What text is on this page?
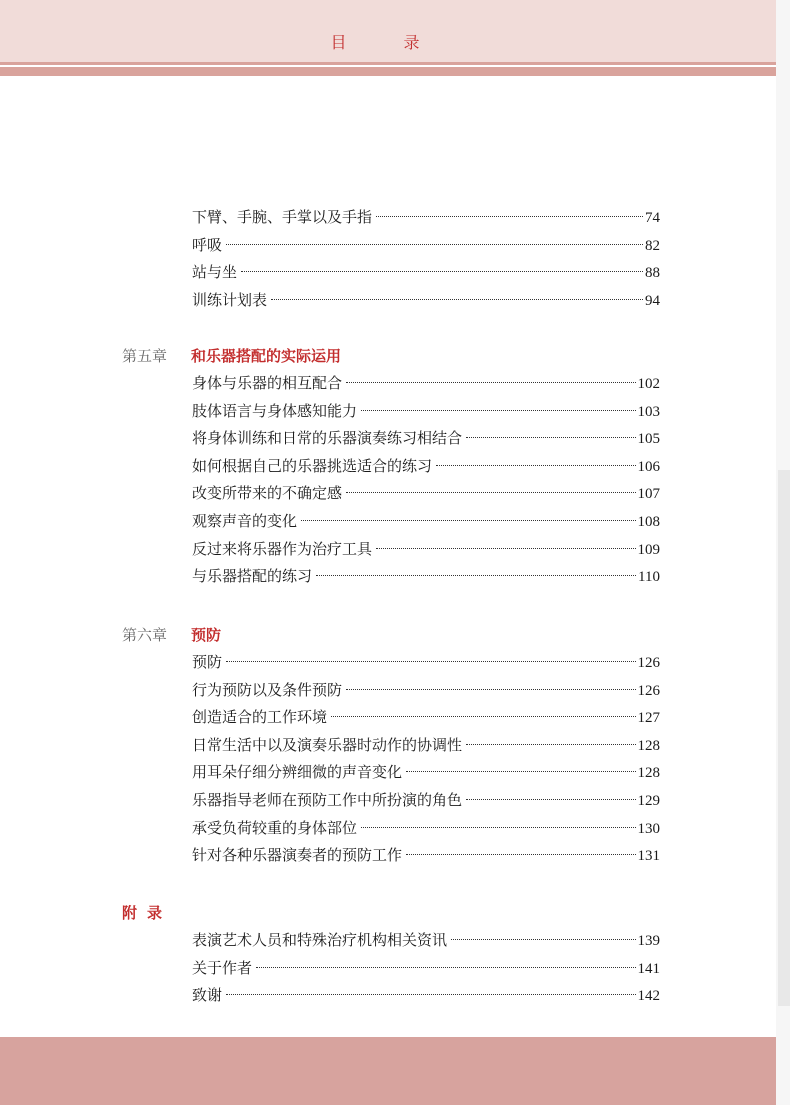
目 录
下臂、手腕、手掌以及手指	74
呼吸	82
站与坐	88
训练计划表	94
第五章 和乐器搭配的实际运用
身体与乐器的相互配合	102
肢体语言与身体感知能力	103
将身体训练和日常的乐器演奏练习相结合	105
如何根据自己的乐器挑选适合的练习	106
改变所带来的不确定感	107
观察声音的变化	108
反过来将乐器作为治疗工具	109
与乐器搭配的练习	110
第六章 预防
预防	126
行为预防以及条件预防	126
创造适合的工作环境	127
日常生活中以及演奏乐器时动作的协调性	128
用耳朵仔细分辨细微的声音变化	128
乐器指导老师在预防工作中所扮演的角色	129
承受负荷较重的身体部位	130
针对各种乐器演奏者的预防工作	131
附录
表演艺术人员和特殊治疗机构相关资讯	139
关于作者	141
致谢	142
